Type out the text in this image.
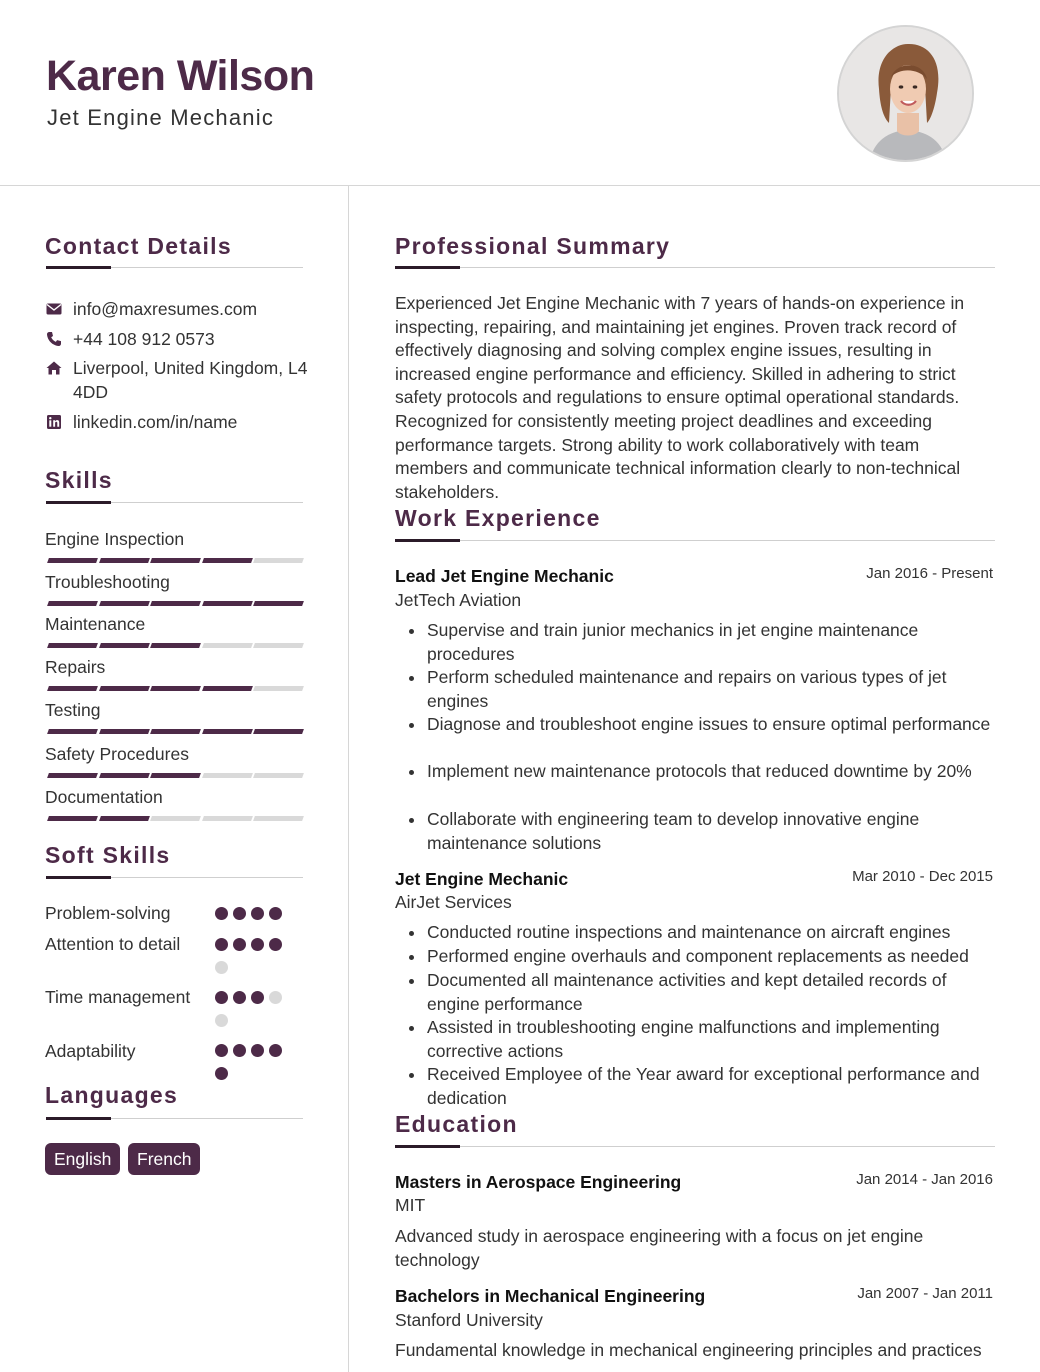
Karen Wilson
Jet Engine Mechanic
Contact Details
info@maxresumes.com
+44 108 912 0573
Liverpool, United Kingdom, L4 4DD
linkedin.com/in/name
Skills
Engine Inspection
Troubleshooting
Maintenance
Repairs
Testing
Safety Procedures
Documentation
Soft Skills
Problem-solving
Attention to detail
Time management
Adaptability
Languages
English	French
Professional Summary
Experienced Jet Engine Mechanic with 7 years of hands-on experience in inspecting, repairing, and maintaining jet engines. Proven track record of effectively diagnosing and solving complex engine issues, resulting in increased engine performance and efficiency. Skilled in adhering to strict safety protocols and regulations to ensure optimal operational standards. Recognized for consistently meeting project deadlines and exceeding performance targets. Strong ability to work collaboratively with team members and communicate technical information clearly to non-technical stakeholders.
Work Experience
Lead Jet Engine Mechanic	Jan 2016 - Present
JetTech Aviation
Supervise and train junior mechanics in jet engine maintenance procedures
Perform scheduled maintenance and repairs on various types of jet engines
Diagnose and troubleshoot engine issues to ensure optimal performance
Implement new maintenance protocols that reduced downtime by 20%
Collaborate with engineering team to develop innovative engine maintenance solutions
Jet Engine Mechanic	Mar 2010 - Dec 2015
AirJet Services
Conducted routine inspections and maintenance on aircraft engines
Performed engine overhauls and component replacements as needed
Documented all maintenance activities and kept detailed records of engine performance
Assisted in troubleshooting engine malfunctions and implementing corrective actions
Received Employee of the Year award for exceptional performance and dedication
Education
Masters in Aerospace Engineering	Jan 2014 - Jan 2016
MIT
Advanced study in aerospace engineering with a focus on jet engine technology
Bachelors in Mechanical Engineering	Jan 2007 - Jan 2011
Stanford University
Fundamental knowledge in mechanical engineering principles and practices
